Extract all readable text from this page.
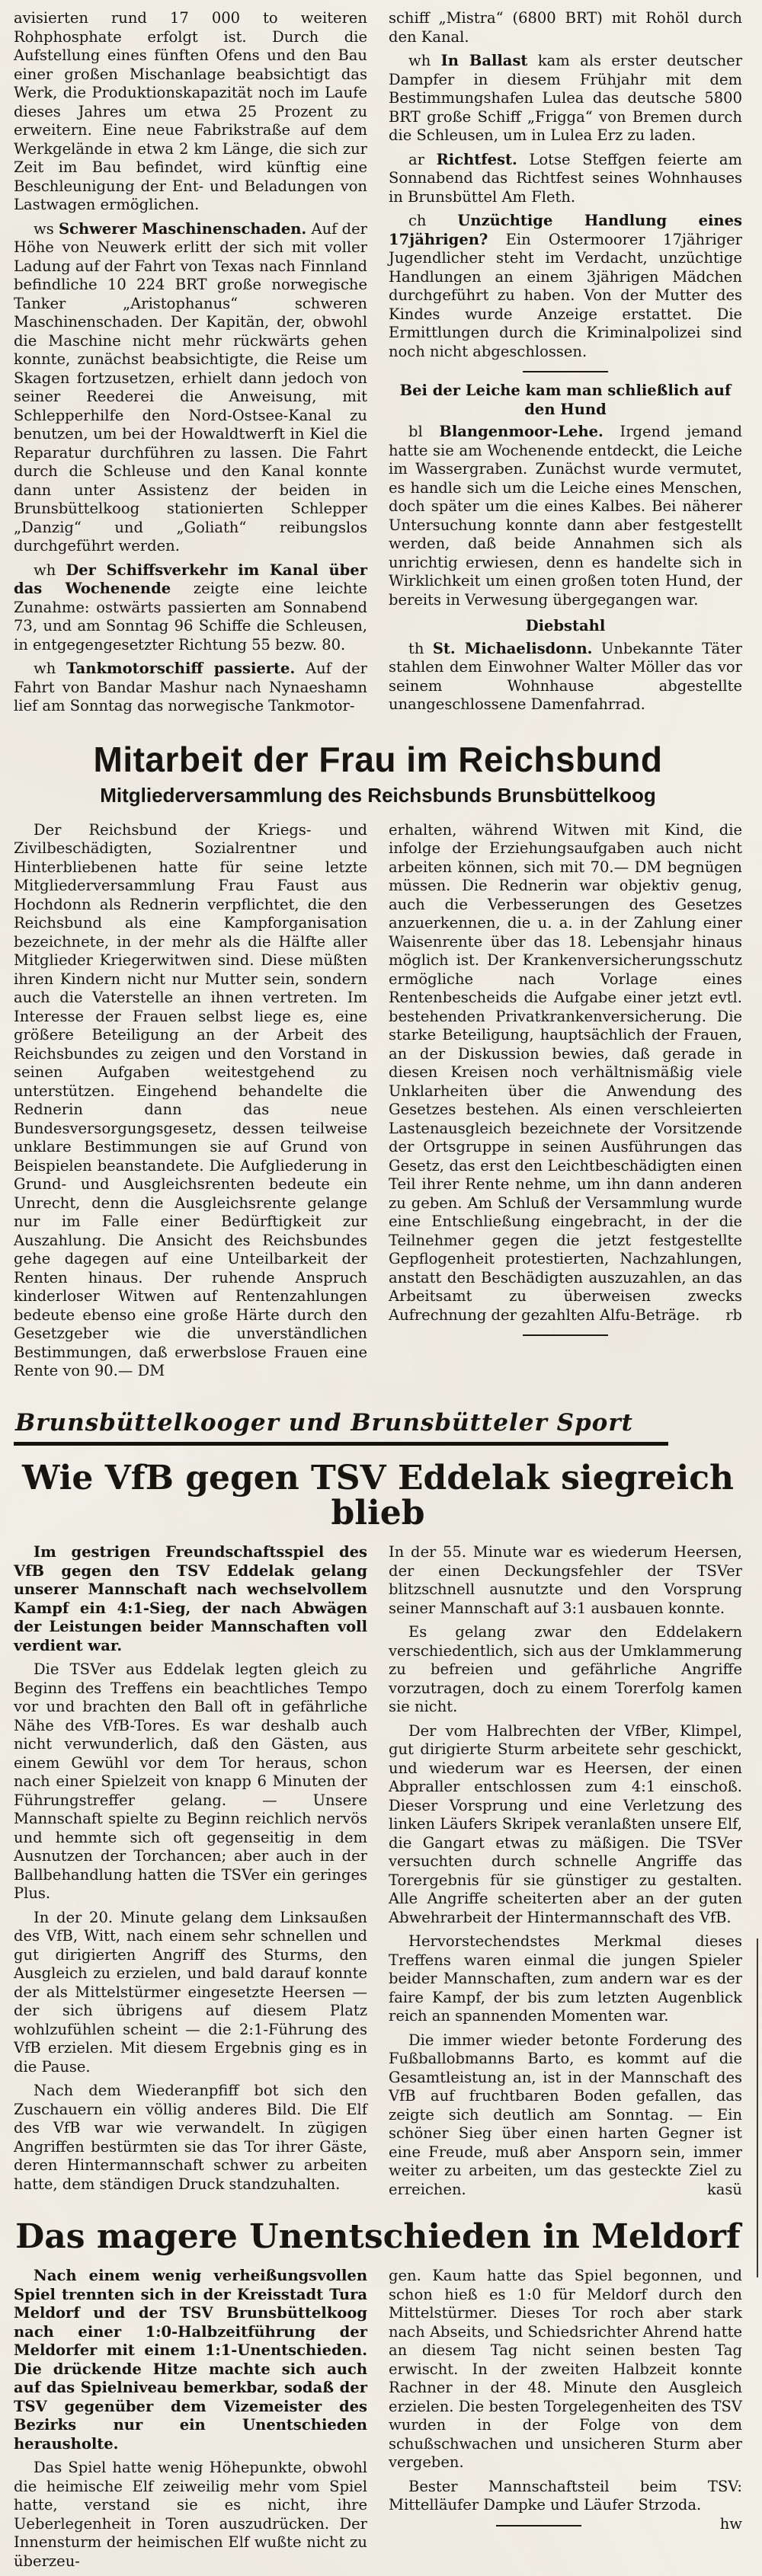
avisierten rund 17 000 to weiteren Rohphosphate erfolgt ist. Durch die Aufstellung eines fünften Ofens und den Bau einer großen Mischanlage beabsichtigt das Werk, die Produktionskapazität noch im Laufe dieses Jahres um etwa 25 Prozent zu erweitern. Eine neue Fabrikstraße auf dem Werkgelände in etwa 2 km Länge, die sich zur Zeit im Bau befindet, wird künftig eine Beschleunigung der Ent- und Beladungen von Lastwagen ermöglichen.

ws Schwerer Maschinenschaden. Auf der Höhe von Neuwerk erlitt der sich mit voller Ladung auf der Fahrt von Texas nach Finnland befindliche 10 224 BRT große norwegische Tanker „Aristophanus“ schweren Maschinenschaden. Der Kapitän, der, obwohl die Maschine nicht mehr rückwärts gehen konnte, zunächst beabsichtigte, die Reise um Skagen fortzusetzen, erhielt dann jedoch von seiner Reederei die Anweisung, mit Schlepperhilfe den Nord-Ostsee-Kanal zu benutzen, um bei der Howaldtwerft in Kiel die Reparatur durchführen zu lassen. Die Fahrt durch die Schleuse und den Kanal konnte dann unter Assistenz der beiden in Brunsbüttelkoog stationierten Schlepper „Danzig“ und „Goliath“ reibungslos durchgeführt werden.

wh Der Schiffsverkehr im Kanal über das Wochenende zeigte eine leichte Zunahme: ostwärts passierten am Sonnabend 73, und am Sonntag 96 Schiffe die Schleusen, in entgegengesetzter Richtung 55 bezw. 80.

wh Tankmotorschiff passierte. Auf der Fahrt von Bandar Mashur nach Nynaeshamn lief am Sonntag das norwegische Tankmotor-

schiff „Mistra“ (6800 BRT) mit Rohöl durch den Kanal.

wh In Ballast kam als erster deutscher Dampfer in diesem Frühjahr mit dem Bestimmungshafen Lulea das deutsche 5800 BRT große Schiff „Frigga“ von Bremen durch die Schleusen, um in Lulea Erz zu laden.

ar Richtfest. Lotse Steffgen feierte am Sonnabend das Richtfest seines Wohnhauses in Brunsbüttel Am Fleth.

ch Unzüchtige Handlung eines 17jährigen? Ein Ostermoorer 17jähriger Jugendlicher steht im Verdacht, unzüchtige Handlungen an einem 3jährigen Mädchen durchgeführt zu haben. Von der Mutter des Kindes wurde Anzeige erstattet. Die Ermittlungen durch die Kriminalpolizei sind noch nicht abgeschlossen.

Bei der Leiche kam man schließlich auf den Hund

bl Blangenmoor-Lehe. Irgend jemand hatte sie am Wochenende entdeckt, die Leiche im Wassergraben. Zunächst wurde vermutet, es handle sich um die Leiche eines Menschen, doch später um die eines Kalbes. Bei näherer Untersuchung konnte dann aber festgestellt werden, daß beide Annahmen sich als unrichtig erwiesen, denn es handelte sich in Wirklichkeit um einen großen toten Hund, der bereits in Verwesung übergegangen war.

Diebstahl

th St. Michaelisdonn. Unbekannte Täter stahlen dem Einwohner Walter Möller das vor seinem Wohnhause abgestellte unangeschlossene Damenfahrrad.

Mitarbeit der Frau im Reichsbund
Mitgliederversammlung des Reichsbunds Brunsbüttelkoog

Der Reichsbund der Kriegs- und Zivilbeschädigten, Sozialrentner und Hinterbliebenen hatte für seine letzte Mitgliederversammlung Frau Faust aus Hochdonn als Rednerin verpflichtet, die den Reichsbund als eine Kampforganisation bezeichnete, in der mehr als die Hälfte aller Mitglieder Kriegerwitwen sind. Diese müßten ihren Kindern nicht nur Mutter sein, sondern auch die Vaterstelle an ihnen vertreten. Im Interesse der Frauen selbst liege es, eine größere Beteiligung an der Arbeit des Reichsbundes zu zeigen und den Vorstand in seinen Aufgaben weitestgehend zu unterstützen. Eingehend behandelte die Rednerin dann das neue Bundesversorgungsgesetz, dessen teilweise unklare Bestimmungen sie auf Grund von Beispielen beanstandete. Die Aufgliederung in Grund- und Ausgleichsrenten bedeute ein Unrecht, denn die Ausgleichsrente gelange nur im Falle einer Bedürftigkeit zur Auszahlung. Die Ansicht des Reichsbundes gehe dagegen auf eine Unteilbarkeit der Renten hinaus. Der ruhende Anspruch kinderloser Witwen auf Rentenzahlungen bedeute ebenso eine große Härte durch den Gesetzgeber wie die unverständlichen Bestimmungen, daß erwerbslose Frauen eine Rente von 90.— DM

erhalten, während Witwen mit Kind, die infolge der Erziehungsaufgaben auch nicht arbeiten können, sich mit 70.— DM begnügen müssen. Die Rednerin war objektiv genug, auch die Verbesserungen des Gesetzes anzuerkennen, die u. a. in der Zahlung einer Waisenrente über das 18. Lebensjahr hinaus möglich ist. Der Krankenversicherungsschutz ermögliche nach Vorlage eines Rentenbescheids die Aufgabe einer jetzt evtl. bestehenden Privatkrankenversicherung. Die starke Beteiligung, hauptsächlich der Frauen, an der Diskussion bewies, daß gerade in diesen Kreisen noch verhältnismäßig viele Unklarheiten über die Anwendung des Gesetzes bestehen. Als einen verschleierten Lastenausgleich bezeichnete der Vorsitzende der Ortsgruppe in seinen Ausführungen das Gesetz, das erst den Leichtbeschädigten einen Teil ihrer Rente nehme, um ihn dann anderen zu geben. Am Schluß der Versammlung wurde eine Entschließung eingebracht, in der die Teilnehmer gegen die jetzt festgestellte Gepflogenheit protestierten, Nachzahlungen, anstatt den Beschädigten auszuzahlen, an das Arbeitsamt zu überweisen zwecks Aufrechnung der gezahlten Alfu-Beträge.	rb

Brunsbüttelkooger und Brunsbütteler Sport
Wie VfB gegen TSV Eddelak siegreich blieb

Im gestrigen Freundschaftsspiel des VfB gegen den TSV Eddelak gelang unserer Mannschaft nach wechselvollem Kampf ein 4:1-Sieg, der nach Abwägen der Leistungen beider Mannschaften voll verdient war.

Die TSVer aus Eddelak legten gleich zu Beginn des Treffens ein beachtliches Tempo vor und brachten den Ball oft in gefährliche Nähe des VfB-Tores. Es war deshalb auch nicht verwunderlich, daß den Gästen, aus einem Gewühl vor dem Tor heraus, schon nach einer Spielzeit von knapp 6 Minuten der Führungstreffer gelang. — Unsere Mannschaft spielte zu Beginn reichlich nervös und hemmte sich oft gegenseitig in dem Ausnutzen der Torchancen; aber auch in der Ballbehandlung hatten die TSVer ein geringes Plus.

In der 20. Minute gelang dem Linksaußen des VfB, Witt, nach einem sehr schnellen und gut dirigierten Angriff des Sturms, den Ausgleich zu erzielen, und bald darauf konnte der als Mittelstürmer eingesetzte Heersen — der sich übrigens auf diesem Platz wohlzufühlen scheint — die 2:1-Führung des VfB erzielen. Mit diesem Ergebnis ging es in die Pause.

Nach dem Wiederanpfiff bot sich den Zuschauern ein völlig anderes Bild. Die Elf des VfB war wie verwandelt. In zügigen Angriffen bestürmten sie das Tor ihrer Gäste, deren Hintermannschaft schwer zu arbeiten hatte, dem ständigen Druck standzuhalten.

In der 55. Minute war es wiederum Heersen, der einen Deckungsfehler der TSVer blitzschnell ausnutzte und den Vorsprung seiner Mannschaft auf 3:1 ausbauen konnte.

Es gelang zwar den Eddelakern verschiedentlich, sich aus der Umklammerung zu befreien und gefährliche Angriffe vorzutragen, doch zu einem Torerfolg kamen sie nicht.

Der vom Halbrechten der VfBer, Klimpel, gut dirigierte Sturm arbeitete sehr geschickt, und wiederum war es Heersen, der einen Abpraller entschlossen zum 4:1 einschoß. Dieser Vorsprung und eine Verletzung des linken Läufers Skripek veranlaßten unsere Elf, die Gangart etwas zu mäßigen. Die TSVer versuchten durch schnelle Angriffe das Torergebnis für sie günstiger zu gestalten. Alle Angriffe scheiterten aber an der guten Abwehrarbeit der Hintermannschaft des VfB.

Hervorstechendstes Merkmal dieses Treffens waren einmal die jungen Spieler beider Mannschaften, zum andern war es der faire Kampf, der bis zum letzten Augenblick reich an spannenden Momenten war.

Die immer wieder betonte Forderung des Fußballobmanns Barto, es kommt auf die Gesamtleistung an, ist in der Mannschaft des VfB auf fruchtbaren Boden gefallen, das zeigte sich deutlich am Sonntag. — Ein schöner Sieg über einen harten Gegner ist eine Freude, muß aber Ansporn sein, immer weiter zu arbeiten, um das gesteckte Ziel zu erreichen.	kasü

Das magere Unentschieden in Meldorf

Nach einem wenig verheißungsvollen Spiel trennten sich in der Kreisstadt Tura Meldorf und der TSV Brunsbüttelkoog nach einer 1:0-Halbzeitführung der Meldorfer mit einem 1:1-Unentschieden. Die drückende Hitze machte sich auch auf das Spielniveau bemerkbar, sodaß der TSV gegenüber dem Vizemeister des Bezirks nur ein Unentschieden herausholte.

Das Spiel hatte wenig Höhepunkte, obwohl die heimische Elf zeiweilig mehr vom Spiel hatte, verstand sie es nicht, ihre Ueberlegenheit in Toren auszudrücken. Der Innensturm der heimischen Elf wußte nicht zu überzeu-

gen. Kaum hatte das Spiel begonnen, und schon hieß es 1:0 für Meldorf durch den Mittelstürmer. Dieses Tor roch aber stark nach Abseits, und Schiedsrichter Ahrend hatte an diesem Tag nicht seinen besten Tag erwischt. In der zweiten Halbzeit konnte Rachner in der 48. Minute den Ausgleich erzielen. Die besten Torgelegenheiten des TSV wurden in der Folge von dem schußschwachen und unsicheren Sturm aber vergeben.

Bester Mannschaftsteil beim TSV: Mittelläufer Dampke und Läufer Strzoda.
hw
